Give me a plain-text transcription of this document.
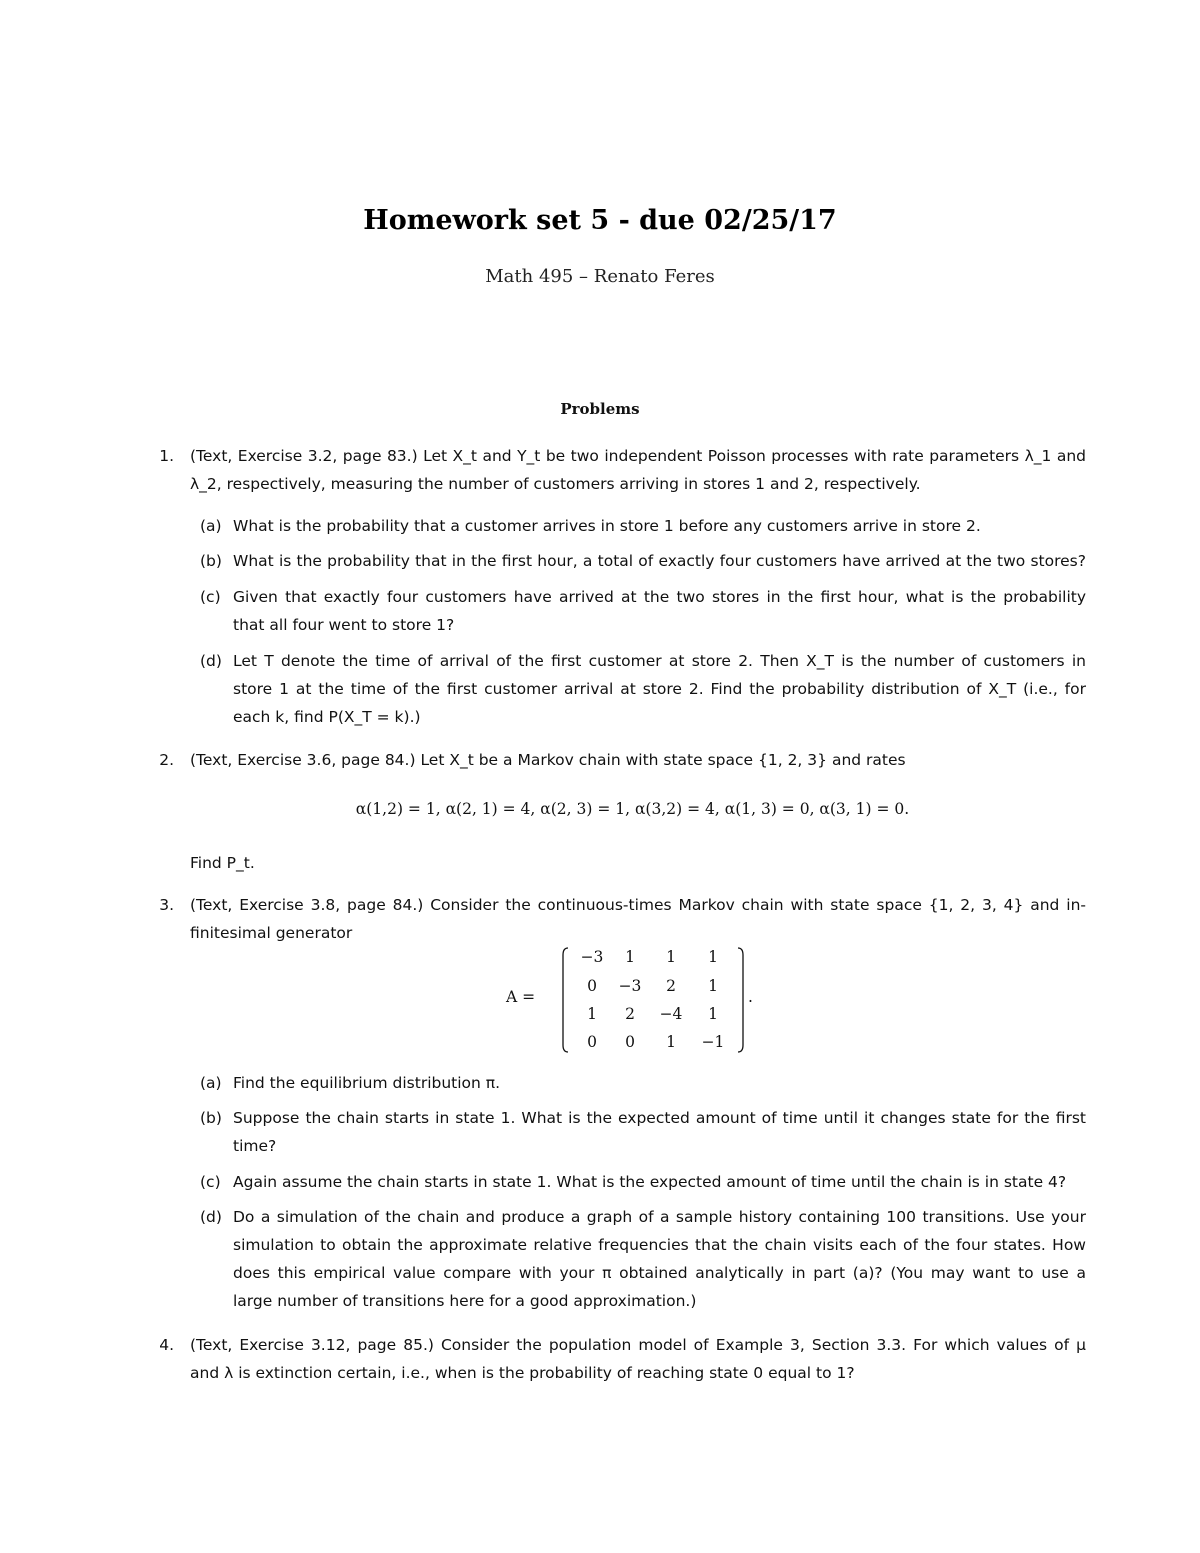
Homework set 5 - due 02/25/17
Math 495 – Renato Feres
Problems
1. (Text, Exercise 3.2, page 83.) Let X_t and Y_t be two independent Poisson processes with rate parameters λ_1 and
λ_2, respectively, measuring the number of customers arriving in stores 1 and 2, respectively.
(a) What is the probability that a customer arrives in store 1 before any customers arrive in store 2.
(b) What is the probability that in the first hour, a total of exactly four customers have arrived at the two stores?
(c) Given that exactly four customers have arrived at the two stores in the first hour, what is the probability
that all four went to store 1?
(d) Let T denote the time of arrival of the first customer at store 2. Then X_T is the number of customers in
store 1 at the time of the first customer arrival at store 2. Find the probability distribution of X_T (i.e., for
each k, find P(X_T = k).)
2. (Text, Exercise 3.6, page 84.) Let X_t be a Markov chain with state space {1, 2, 3} and rates
Find P_t.
3. (Text, Exercise 3.8, page 84.) Consider the continuous-times Markov chain with state space {1, 2, 3, 4} and in-
finitesimal generator
(a) Find the equilibrium distribution π.
(b) Suppose the chain starts in state 1. What is the expected amount of time until it changes state for the first
time?
(c) Again assume the chain starts in state 1. What is the expected amount of time until the chain is in state 4?
(d) Do a simulation of the chain and produce a graph of a sample history containing 100 transitions. Use your
simulation to obtain the approximate relative frequencies that the chain visits each of the four states. How
does this empirical value compare with your π obtained analytically in part (a)? (You may want to use a
large number of transitions here for a good approximation.)
4. (Text, Exercise 3.12, page 85.) Consider the population model of Example 3, Section 3.3. For which values of μ
and λ is extinction certain, i.e., when is the probability of reaching state 0 equal to 1?
α(1,2) = 1, α(2, 1) = 4, α(2, 3) = 1, α(3,2) = 4, α(1, 3) = 0, α(3, 1) = 0.
A =
−3	1	1	1
0	−3	2	1
1	2	−4	1
0	0	1	−1
.
